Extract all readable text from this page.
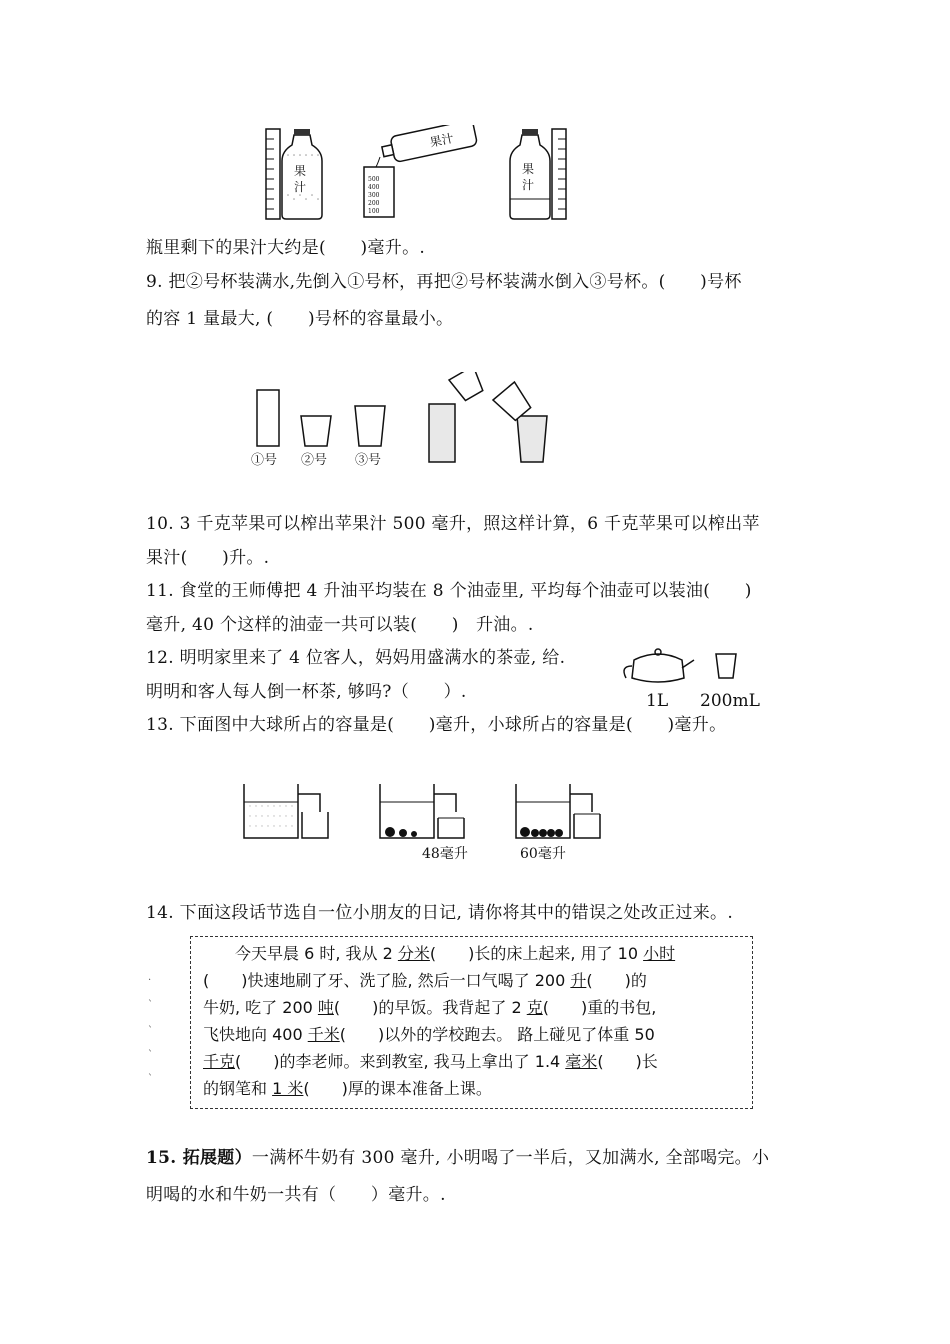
果
汁
500
400
300
200
100
果汁
果
汁
瓶里剩下的果汁大约是(　　)毫升。.
9. 把②号杯装满水,先倒入①号杯，再把②号杯装满水倒入③号杯。(　　)号杯
的容 1 量最大, (　　)号杯的容量最小。
①号 ②号 ③号
10. 3 千克苹果可以榨出苹果汁 500 毫升，照这样计算，6 千克苹果可以榨出苹
果汁(　　)升。.
11. 食堂的王师傅把 4 升油平均装在 8 个油壶里, 平均每个油壶可以装油(　　)
毫升, 40 个这样的油壶一共可以装(　　)　升油。.
12. 明明家里来了 4 位客人，妈妈用盛满水的茶壶, 给.
明明和客人每人倒一杯茶, 够吗?（　　）.	1L 200mL
13. 下面图中大球所占的容量是(　　)毫升，小球所占的容量是(　　)毫升。
48毫升	60毫升
14. 下面这段话节选自一位小朋友的日记, 请你将其中的错误之处改正过来。.
.
`
`
`
`
　　今天早晨 6 时, 我从 2 分米(　　)长的床上起来, 用了 10 小时
(　　)快速地刷了牙、洗了脸, 然后一口气喝了 200 升(　　)的
牛奶, 吃了 200 吨(　　)的早饭。我背起了 2 克(　　)重的书包,
飞快地向 400 千米(　　)以外的学校跑去。 路上碰见了体重 50
千克(　　)的李老师。来到教室, 我马上拿出了 1.4 毫米(　　)长
的钢笔和 1 米(　　)厚的课本准备上课。
15. 拓展题）一满杯牛奶有 300 毫升, 小明喝了一半后，又加满水, 全部喝完。小
明喝的水和牛奶一共有（　　）毫升。.
